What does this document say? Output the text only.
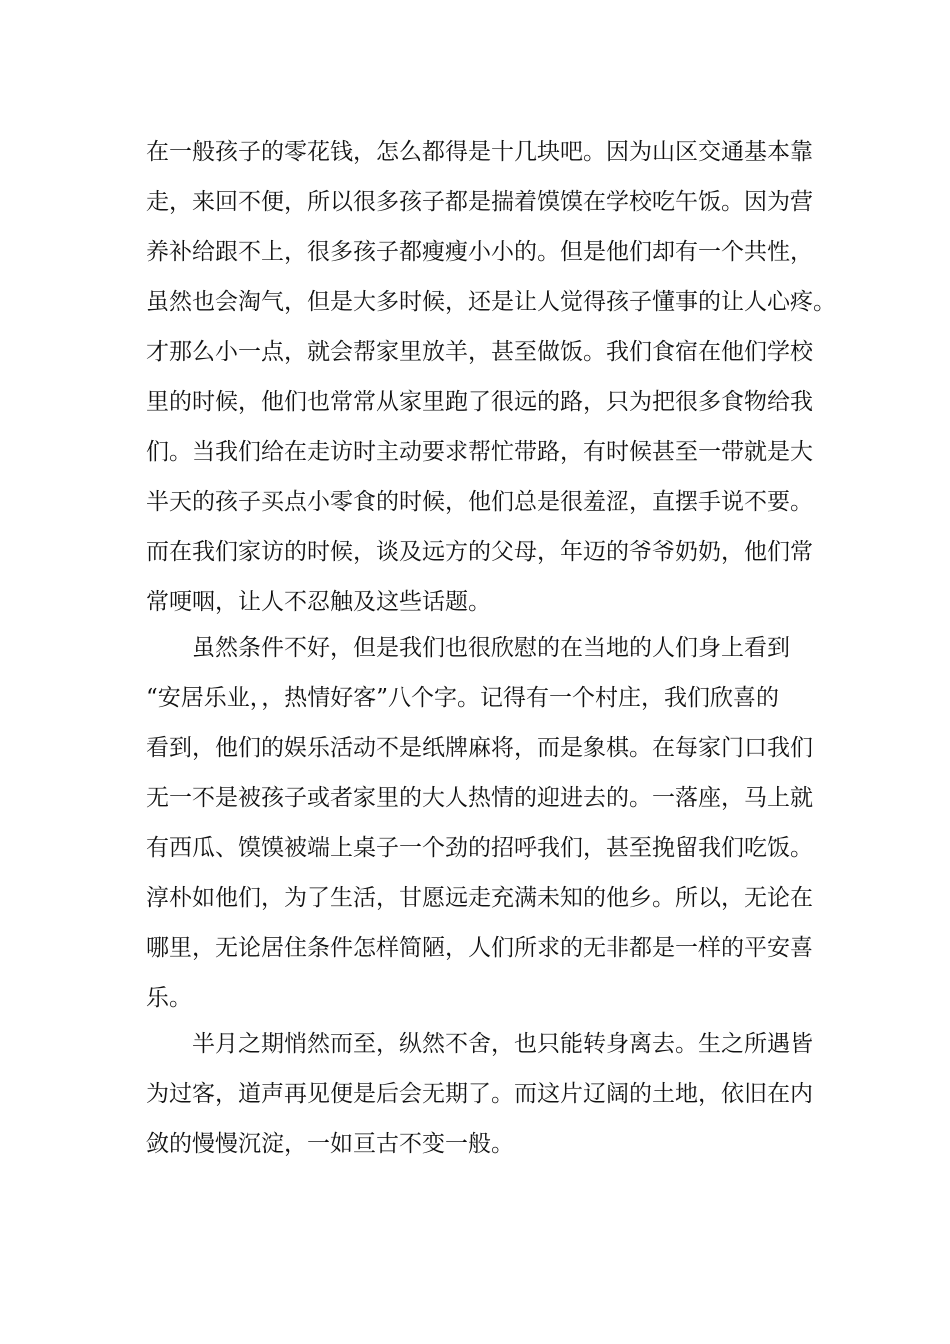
在一般孩子的零花钱，怎么都得是十几块吧。因为山区交通基本靠
走，来回不便，所以很多孩子都是揣着馍馍在学校吃午饭。因为营
养补给跟不上，很多孩子都瘦瘦小小的。但是他们却有一个共性，
虽然也会淘气，但是大多时候，还是让人觉得孩子懂事的让人心疼。
才那么小一点，就会帮家里放羊，甚至做饭。我们食宿在他们学校
里的时候，他们也常常从家里跑了很远的路，只为把很多食物给我
们。当我们给在走访时主动要求帮忙带路，有时候甚至一带就是大
半天的孩子买点小零食的时候，他们总是很羞涩，直摆手说不要。
而在我们家访的时候，谈及远方的父母，年迈的爷爷奶奶，他们常
常哽咽，让人不忍触及这些话题。
虽然条件不好，但是我们也很欣慰的在当地的人们身上看到
“安居乐业，，热情好客”八个字。记得有一个村庄，我们欣喜的
看到，他们的娱乐活动不是纸牌麻将，而是象棋。在每家门口我们
无一不是被孩子或者家里的大人热情的迎进去的。一落座，马上就
有西瓜、馍馍被端上桌子一个劲的招呼我们，甚至挽留我们吃饭。
淳朴如他们，为了生活，甘愿远走充满未知的他乡。所以，无论在
哪里，无论居住条件怎样简陋，人们所求的无非都是一样的平安喜
乐。
半月之期悄然而至，纵然不舍，也只能转身离去。生之所遇皆
为过客，道声再见便是后会无期了。而这片辽阔的土地，依旧在内
敛的慢慢沉淀，一如亘古不变一般。
